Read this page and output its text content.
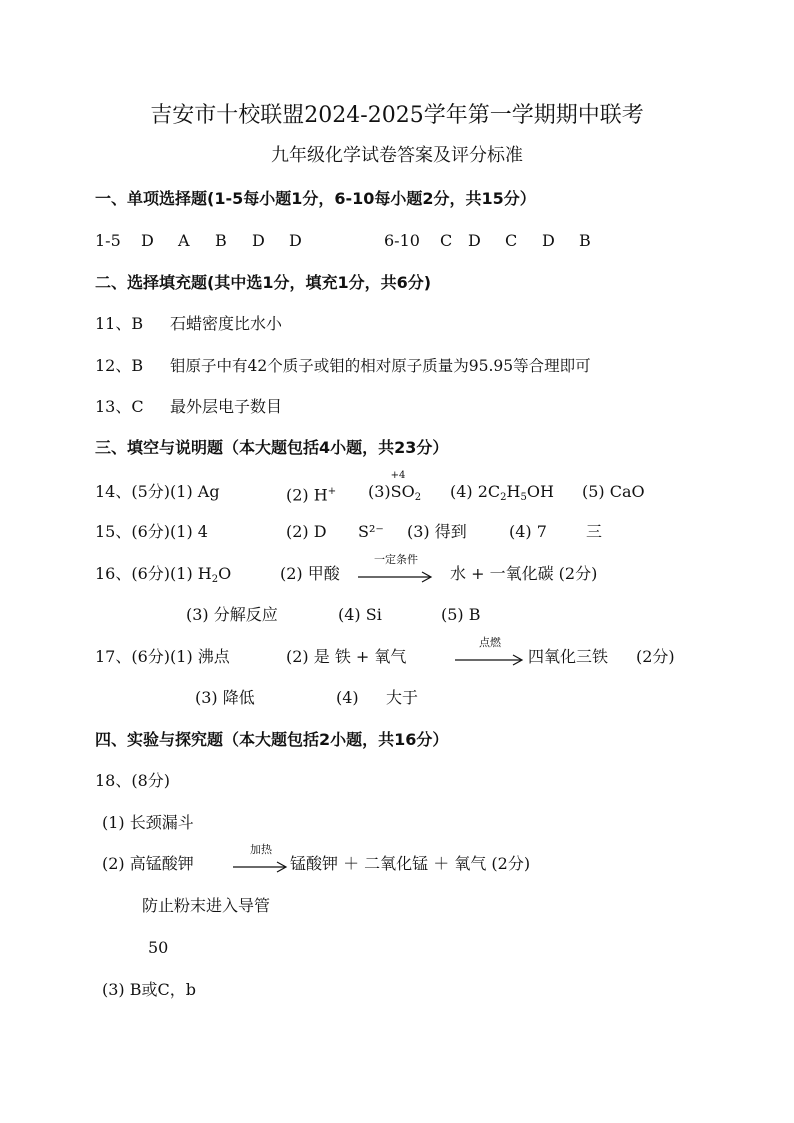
吉安市十校联盟2024-2025学年第一学期期中联考
九年级化学试卷答案及评分标准
一、单项选择题(1-5每小题1分，6-10每小题2分，共15分）
1-5 D A B D D	6-10 C D C D B
二、选择填充题(其中选1分，填充1分，共6分)
11、B 石蜡密度比水小
12、B 钼原子中有42个质子或钼的相对原子质量为95.95等合理即可
13、C 最外层电子数目
三、填空与说明题（本大题包括4小题，共23分）
14、(5分)(1) Ag	(2) H+ (3)
+4
$SO_2$ (4) $2C_2H_5OH$ (5) CaO
15、(6分)(1) 4	(2) D S²⁻ (3) 得到	(4) 7 三
16、(6分)(1) $H_2O$	(2) 甲酸
一定条件
水 + 一氧化碳 (2分)
(3) 分解反应	(4) Si	(5) B
17、(6分)(1) 沸点	(2) 是 铁 + 氧气
点燃
四氧化三铁 (2分)
(3) 降低	(4) 大于
四、实验与探究题（本大题包括2小题，共16分）
18、(8分)
(1) 长颈漏斗
(2) 高锰酸钾
加热
锰酸钾 ＋ 二氧化锰 ＋ 氧气 (2分)
防止粉末进入导管
50
(3) B或C，b
